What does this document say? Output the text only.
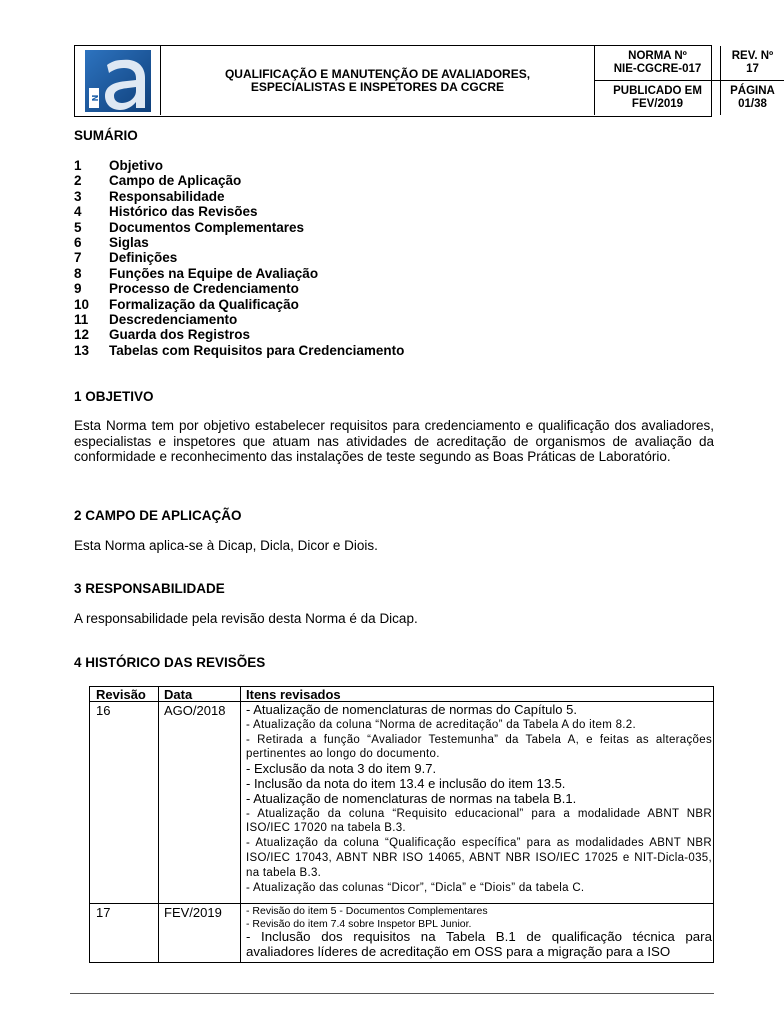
N
QUALIFICAÇÃO E MANUTENÇÃO DE AVALIADORES,
ESPECIALISTAS E INSPETORES DA CGCRE
NORMA Nº
NIE-CGCRE-017
REV. Nº
17
PUBLICADO EM
FEV/2019
PÁGINA
01/38
SUMÁRIO
1 Objetivo
2 Campo de Aplicação
3 Responsabilidade
4 Histórico das Revisões
5 Documentos Complementares
6 Siglas
7 Definições
8 Funções na Equipe de Avaliação
9 Processo de Credenciamento
10 Formalização da Qualificação
11 Descredenciamento
12 Guarda dos Registros
13 Tabelas com Requisitos para Credenciamento
1 OBJETIVO
Esta Norma tem por objetivo estabelecer requisitos para credenciamento e qualificação dos avaliadores, especialistas e inspetores que atuam nas atividades de acreditação de organismos de avaliação da conformidade e reconhecimento das instalações de teste segundo as Boas Práticas de Laboratório.
2 CAMPO DE APLICAÇÃO
Esta Norma aplica-se à Dicap, Dicla, Dicor e Diois.
3 RESPONSABILIDADE
A responsabilidade pela revisão desta Norma é da Dicap.
4 HISTÓRICO DAS REVISÕES
Revisão Data	Itens revisados
16	AGO/2018 - Atualização de nomenclaturas de normas do Capítulo 5.
- Atualização da coluna “Norma de acreditação” da Tabela A do item 8.2.
- Retirada a função “Avaliador Testemunha” da Tabela A, e feitas as alterações pertinentes ao longo do documento.
- Exclusão da nota 3 do item 9.7.
- Inclusão da nota do item 13.4 e inclusão do item 13.5.
- Atualização de nomenclaturas de normas na tabela B.1.
- Atualização da coluna “Requisito educacional” para a modalidade ABNT NBR ISO/IEC 17020 na tabela B.3.
- Atualização da coluna “Qualificação específica” para as modalidades ABNT NBR ISO/IEC 17043, ABNT NBR ISO 14065, ABNT NBR ISO/IEC 17025 e NIT-Dicla-035, na tabela B.3.
- Atualização das colunas “Dicor”, “Dicla” e “Diois” da tabela C.
17	FEV/2019 - Revisão do item 5 - Documentos Complementares
- Revisão do item 7.4 sobre Inspetor BPL Junior.
- Inclusão dos requisitos na Tabela B.1 de qualificação técnica para avaliadores líderes de acreditação em OSS para a migração para a ISO
